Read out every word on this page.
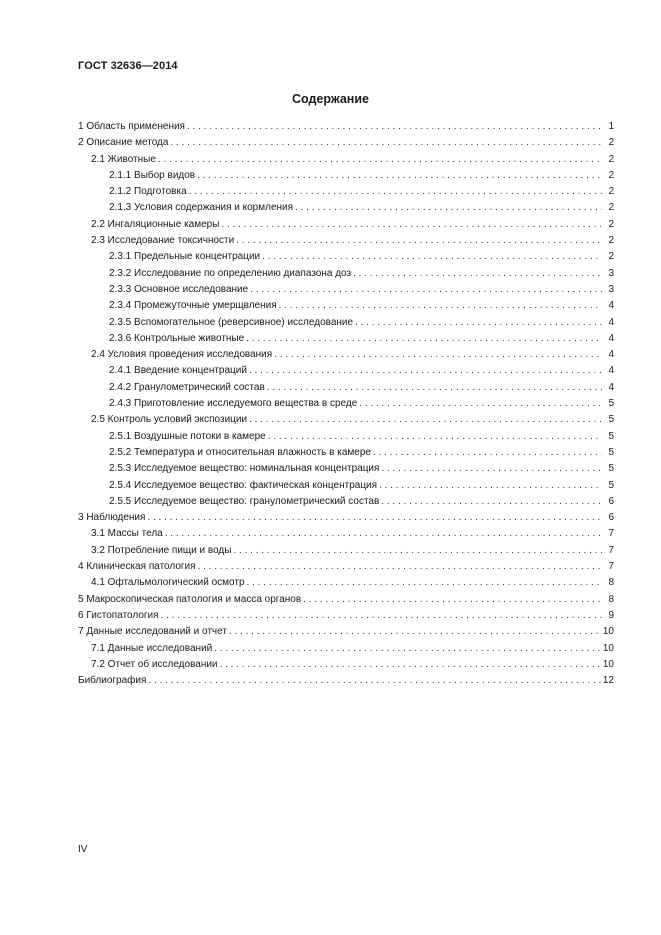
ГОСТ 32636—2014
Содержание
1 Область применения . . .	1
2 Описание метода . . .	2
2.1 Животные . . .	2
2.1.1 Выбор видов . . .	2
2.1.2 Подготовка . . .	2
2.1.3 Условия содержания и кормления . . .	2
2.2 Ингаляционные камеры . . .	2
2.3 Исследование токсичности . . .	2
2.3.1 Предельные концентрации . . .	2
2.3.2 Исследование по определению диапазона доз . . .	3
2.3.3 Основное исследование . . .	3
2.3.4 Промежуточные умерщвления . . .	4
2.3.5 Вспомогательное (реверсивное) исследование . . .	4
2.3.6 Контрольные животные . . .	4
2.4 Условия проведения исследования . . .	4
2.4.1 Введение концентраций . . .	4
2.4.2 Гранулометрический состав . . .	4
2.4.3 Приготовление исследуемого вещества в среде . . .	5
2.5 Контроль условий экспозиции . . .	5
2.5.1 Воздушные потоки в камере . . .	5
2.5.2 Температура и относительная влажность в камере . . .	5
2.5.3 Исследуемое вещество: номинальная концентрация . . .	5
2.5.4 Исследуемое вещество: фактическая концентрация . . .	5
2.5.5 Исследуемое вещество: гранулометрический состав . . .	6
3 Наблюдения . . .	6
3.1 Массы тела . . .	7
3.2 Потребление пищи и воды . . .	7
4 Клиническая патология . . .	7
4.1 Офтальмологический осмотр . . .	8
5 Макроскопическая патология и масса органов . . .	8
6 Гистопатология . . .	9
7 Данные исследований и отчет . . .	10
7.1 Данные исследований . . .	10
7.2 Отчет об исследовании . . .	10
Библиография . . .	12
IV
